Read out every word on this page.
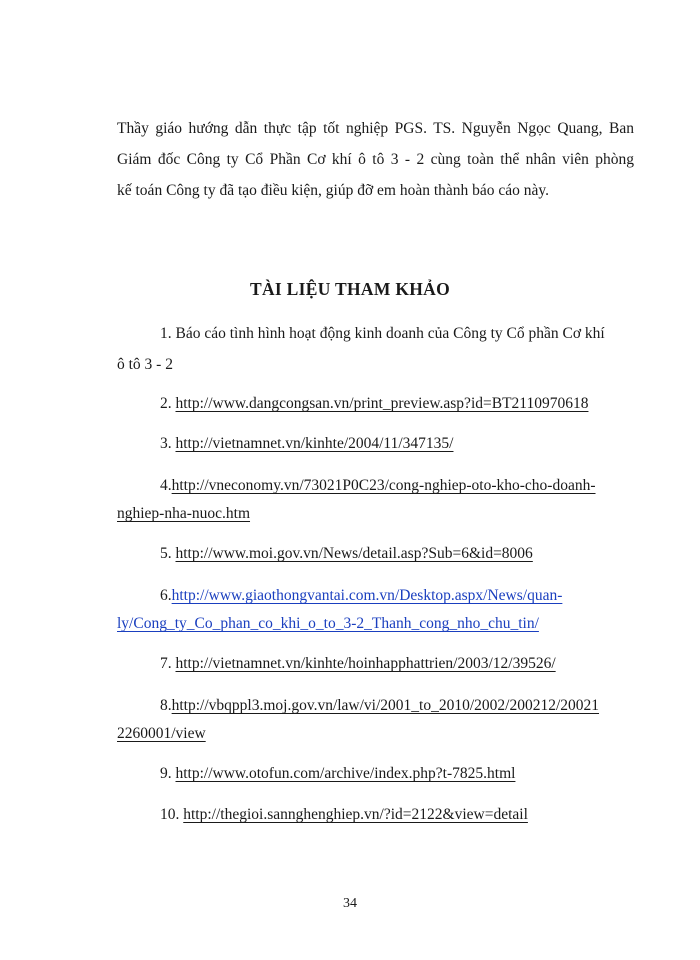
Thầy giáo hướng dẫn thực tập tốt nghiệp PGS. TS. Nguyễn Ngọc Quang, Ban
Giám đốc Công ty Cổ Phần Cơ khí ô tô 3 - 2 cùng toàn thể nhân viên phòng
kế toán Công ty đã tạo điều kiện, giúp đỡ em hoàn thành báo cáo này.

TÀI LIỆU THAM KHẢO
1. Báo cáo tình hình hoạt động kinh doanh của Công ty Cổ phần Cơ khí
ô tô 3 - 2

2. http://www.dangcongsan.vn/print_preview.asp?id=BT2110970618

3. http://vietnamnet.vn/kinhte/2004/11/347135/

4.http://vneconomy.vn/73021P0C23/cong-nghiep-oto-kho-cho-doanh-

nghiep-nha-nuoc.htm

5. http://www.moi.gov.vn/News/detail.asp?Sub=6&id=8006

6.http://www.giaothongvantai.com.vn/Desktop.aspx/News/quan-

ly/Cong_ty_Co_phan_co_khi_o_to_3-2_Thanh_cong_nho_chu_tin/

7. http://vietnamnet.vn/kinhte/hoinhapphattrien/2003/12/39526/

8.http://vbqppl3.moj.gov.vn/law/vi/2001_to_2010/2002/200212/20021

2260001/view

9. http://www.otofun.com/archive/index.php?t-7825.html

10. http://thegioi.sannghenghiep.vn/?id=2122&view=detail

34
